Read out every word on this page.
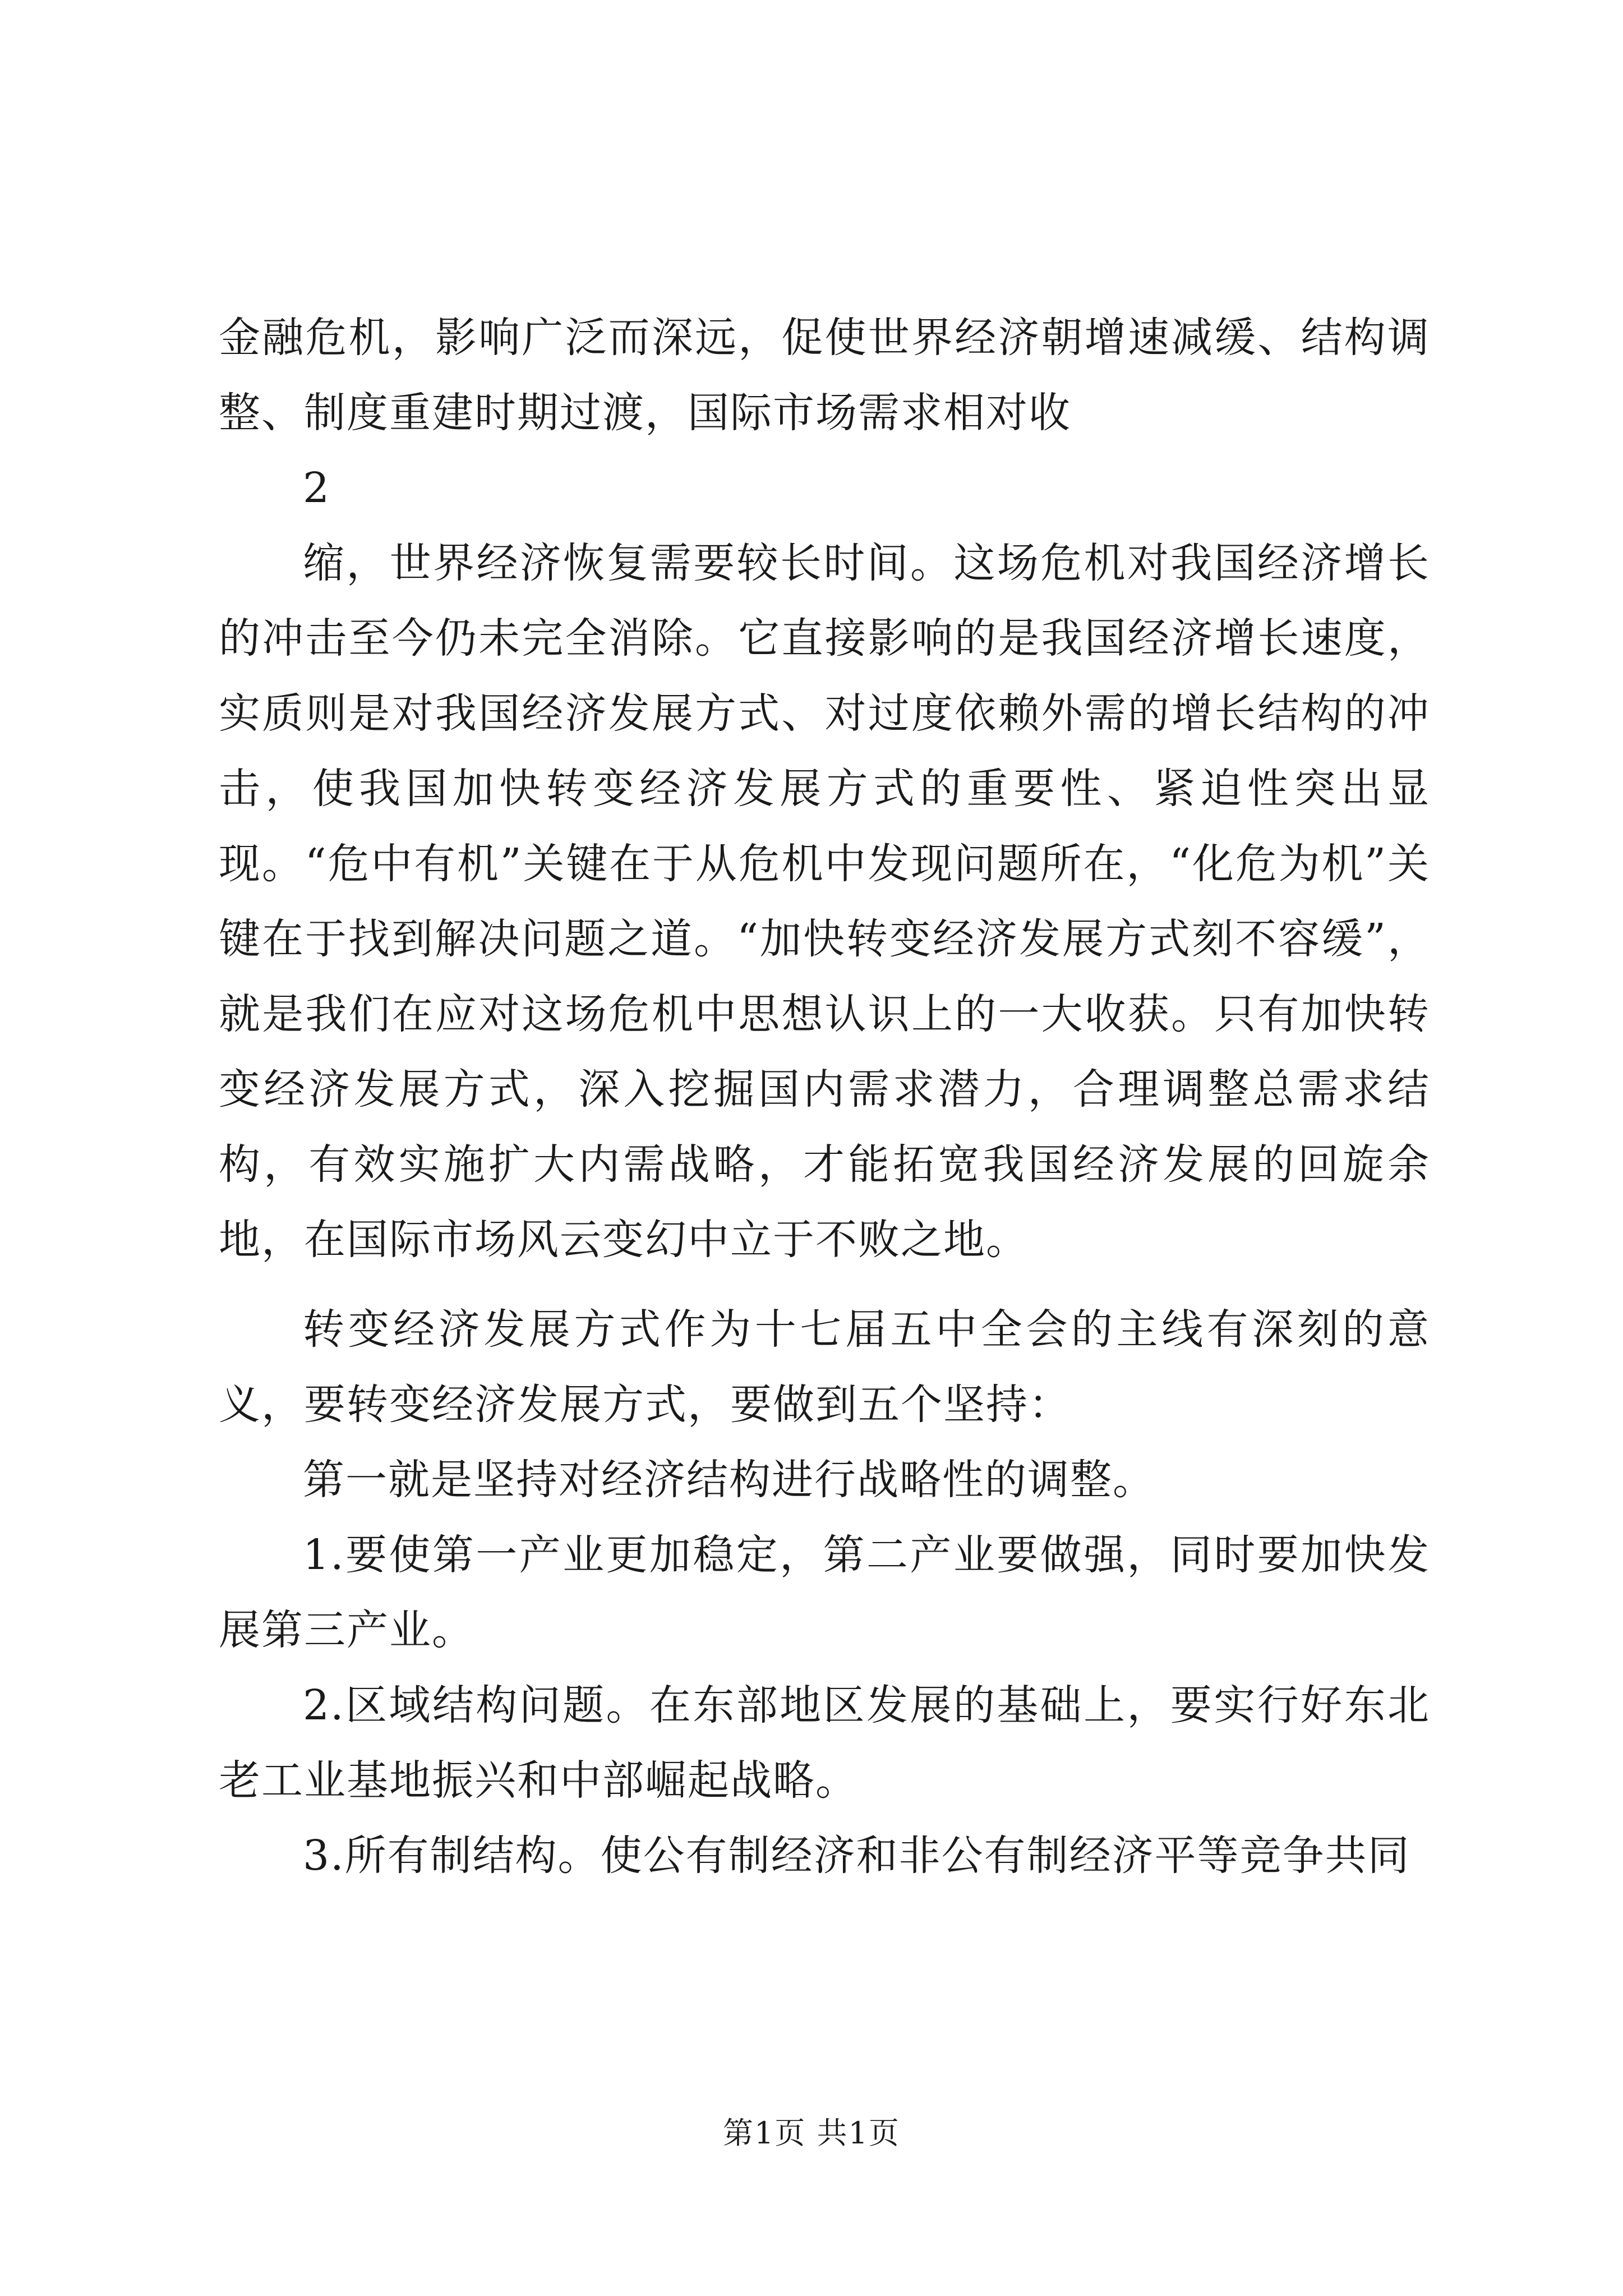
金融危机，影响广泛而深远，促使世界经济朝增速减缓、结构调整、制度重建时期过渡，国际市场需求相对收

2

缩，世界经济恢复需要较长时间。这场危机对我国经济增长的冲击至今仍未完全消除。它直接影响的是我国经济增长速度，实质则是对我国经济发展方式、对过度依赖外需的增长结构的冲击，使我国加快转变经济发展方式的重要性、紧迫性突出显现。“危中有机”关键在于从危机中发现问题所在，“化危为机”关键在于找到解决问题之道。“加快转变经济发展方式刻不容缓”，就是我们在应对这场危机中思想认识上的一大收获。只有加快转变经济发展方式，深入挖掘国内需求潜力，合理调整总需求结构，有效实施扩大内需战略，才能拓宽我国经济发展的回旋余地，在国际市场风云变幻中立于不败之地。

转变经济发展方式作为十七届五中全会的主线有深刻的意义，要转变经济发展方式，要做到五个坚持：

第一就是坚持对经济结构进行战略性的调整。

1.要使第一产业更加稳定，第二产业要做强，同时要加快发展第三产业。

2.区域结构问题。在东部地区发展的基础上，要实行好东北老工业基地振兴和中部崛起战略。

3.所有制结构。使公有制经济和非公有制经济平等竞争共同

第1页 共1页
